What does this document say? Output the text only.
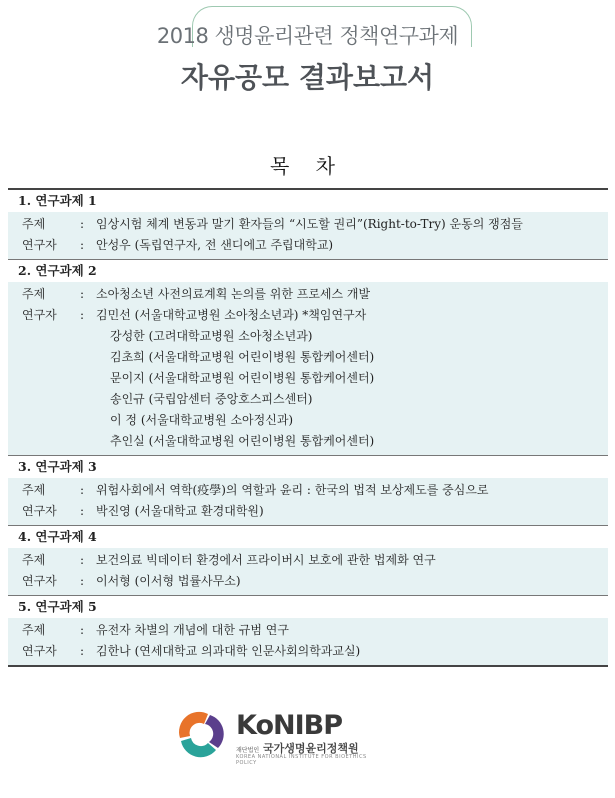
2018 생명윤리관련 정책연구과제
자유공모 결과보고서
목 차
1. 연구과제 1
주제	: 임상시험 체계 변동과 말기 환자들의 “시도할 권리”(Right-to-Try) 운동의 쟁점들
연구자	: 안성우 (독립연구자, 전 샌디에고 주립대학교)
2. 연구과제 2
주제	: 소아청소년 사전의료계획 논의를 위한 프로세스 개발
연구자	: 김민선 (서울대학교병원 소아청소년과) *책임연구자
강성한 (고려대학교병원 소아청소년과)
김초희 (서울대학교병원 어린이병원 통합케어센터)
문이지 (서울대학교병원 어린이병원 통합케어센터)
송인규 (국립암센터 중앙호스피스센터)
이 정 (서울대학교병원 소아정신과)
추인실 (서울대학교병원 어린이병원 통합케어센터)
3. 연구과제 3
주제	: 위험사회에서 역학(疫學)의 역할과 윤리 : 한국의 법적 보상제도를 중심으로
연구자	: 박진영 (서울대학교 환경대학원)
4. 연구과제 4
주제	: 보건의료 빅데이터 환경에서 프라이버시 보호에 관한 법제화 연구
연구자	: 이서형 (이서형 법률사무소)
5. 연구과제 5
주제	: 유전자 차별의 개념에 대한 규범 연구
연구자	: 김한나 (연세대학교 의과대학 인문사회의학과교실)
KoNIBP
재단법인 국가생명윤리정책원
KOREA NATIONAL INSTITUTE FOR BIOETHICS POLICY
